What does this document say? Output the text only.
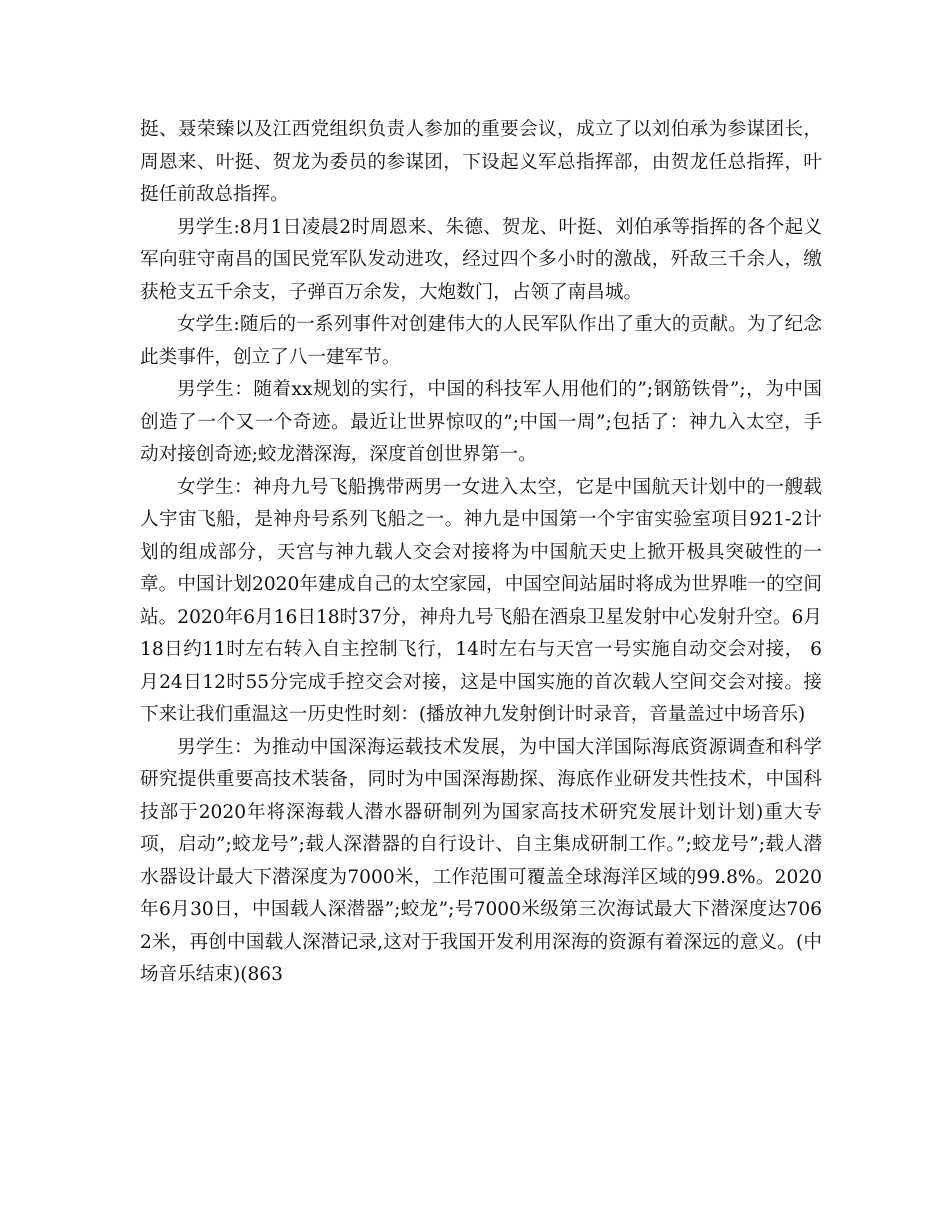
挺、聂荣臻以及江西党组织负责人参加的重要会议，成立了以刘伯承为参谋团长，周恩来、叶挺、贺龙为委员的参谋团，下设起义军总指挥部，由贺龙任总指挥，叶挺任前敌总指挥。

男学生:8月1日凌晨2时周恩来、朱德、贺龙、叶挺、刘伯承等指挥的各个起义军向驻守南昌的国民党军队发动进攻，经过四个多小时的激战，歼敌三千余人，缴获枪支五千余支，子弹百万余发，大炮数门，占领了南昌城。

女学生:随后的一系列事件对创建伟大的人民军队作出了重大的贡献。为了纪念此类事件，创立了八一建军节。

男学生：随着xx规划的实行，中国的科技军人用他们的”;钢筋铁骨”;，为中国创造了一个又一个奇迹。最近让世界惊叹的”;中国一周”;包括了：神九入太空，手动对接创奇迹;蛟龙潜深海，深度首创世界第一。

女学生：神舟九号飞船携带两男一女进入太空，它是中国航天计划中的一艘载人宇宙飞船，是神舟号系列飞船之一。神九是中国第一个宇宙实验室项目921-2计划的组成部分，天宫与神九载人交会对接将为中国航天史上掀开极具突破性的一章。中国计划2020年建成自己的太空家园，中国空间站届时将成为世界唯一的空间站。2020年6月16日18时37分，神舟九号飞船在酒泉卫星发射中心发射升空。6月18日约11时左右转入自主控制飞行，14时左右与天宫一号实施自动交会对接， 6月24日12时55分完成手控交会对接，这是中国实施的首次载人空间交会对接。接下来让我们重温这一历史性时刻：(播放神九发射倒计时录音，音量盖过中场音乐)

男学生：为推动中国深海运载技术发展，为中国大洋国际海底资源调查和科学研究提供重要高技术装备，同时为中国深海勘探、海底作业研发共性技术，中国科技部于2020年将深海载人潜水器研制列为国家高技术研究发展计划计划)重大专项，启动”;蛟龙号”;载人深潜器的自行设计、自主集成研制工作。”;蛟龙号”;载人潜水器设计最大下潜深度为7000米，工作范围可覆盖全球海洋区域的99.8%。2020年6月30日，中国载人深潜器”;蛟龙”;号7000米级第三次海试最大下潜深度达7062米，再创中国载人深潜记录,这对于我国开发利用深海的资源有着深远的意义。(中场音乐结束)(863
